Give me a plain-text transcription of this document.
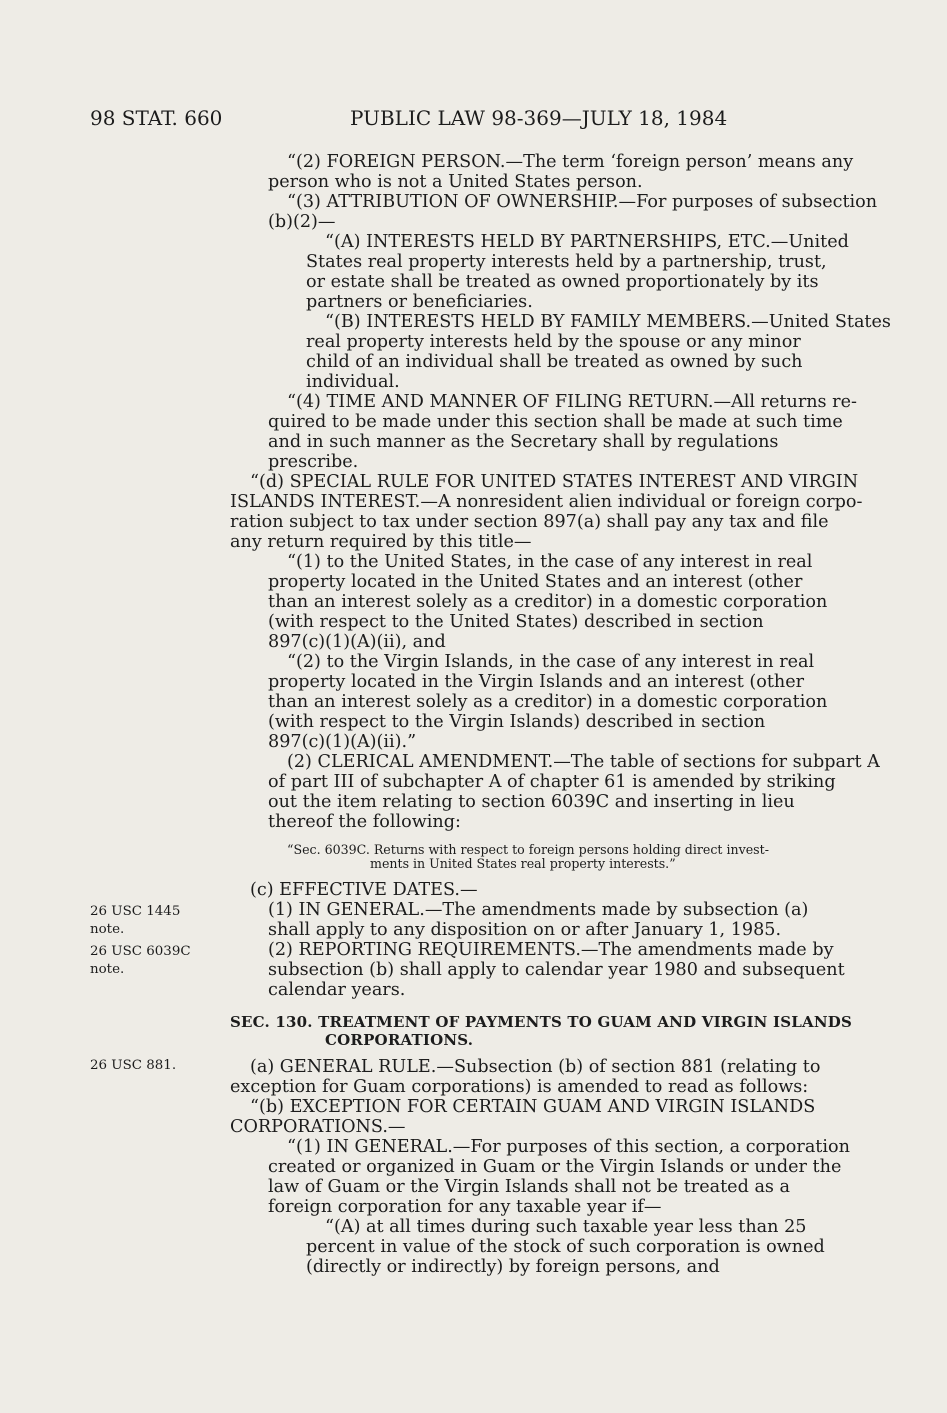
98 STAT. 660	PUBLIC LAW 98-369—JULY 18, 1984
26 USC 1445
note.
26 USC 6039C
note.
26 USC 881.
“(2) FOREIGN PERSON.—The term ‘foreign person’ means any
person who is not a United States person.
“(3) ATTRIBUTION OF OWNERSHIP.—For purposes of subsection
(b)(2)—
“(A) INTERESTS HELD BY PARTNERSHIPS, ETC.—United
States real property interests held by a partnership, trust,
or estate shall be treated as owned proportionately by its
partners or beneficiaries.
“(B) INTERESTS HELD BY FAMILY MEMBERS.—United States
real property interests held by the spouse or any minor
child of an individual shall be treated as owned by such
individual.
“(4) TIME AND MANNER OF FILING RETURN.—All returns re-
quired to be made under this section shall be made at such time
and in such manner as the Secretary shall by regulations
prescribe.
“(d) SPECIAL RULE FOR UNITED STATES INTEREST AND VIRGIN
ISLANDS INTEREST.—A nonresident alien individual or foreign corpo-
ration subject to tax under section 897(a) shall pay any tax and file
any return required by this title—
“(1) to the United States, in the case of any interest in real
property located in the United States and an interest (other
than an interest solely as a creditor) in a domestic corporation
(with respect to the United States) described in section
897(c)(1)(A)(ii), and
“(2) to the Virgin Islands, in the case of any interest in real
property located in the Virgin Islands and an interest (other
than an interest solely as a creditor) in a domestic corporation
(with respect to the Virgin Islands) described in section
897(c)(1)(A)(ii).”
(2) CLERICAL AMENDMENT.—The table of sections for subpart A
of part III of subchapter A of chapter 61 is amended by striking
out the item relating to section 6039C and inserting in lieu
thereof the following:
“Sec. 6039C. Returns with respect to foreign persons holding direct invest-
ments in United States real property interests.”
(c) EFFECTIVE DATES.—
(1) IN GENERAL.—The amendments made by subsection (a)
shall apply to any disposition on or after January 1, 1985.
(2) REPORTING REQUIREMENTS.—The amendments made by
subsection (b) shall apply to calendar year 1980 and subsequent
calendar years.
SEC. 130. TREATMENT OF PAYMENTS TO GUAM AND VIRGIN ISLANDS
CORPORATIONS.
(a) GENERAL RULE.—Subsection (b) of section 881 (relating to
exception for Guam corporations) is amended to read as follows:
“(b) EXCEPTION FOR CERTAIN GUAM AND VIRGIN ISLANDS
CORPORATIONS.—
“(1) IN GENERAL.—For purposes of this section, a corporation
created or organized in Guam or the Virgin Islands or under the
law of Guam or the Virgin Islands shall not be treated as a
foreign corporation for any taxable year if—
“(A) at all times during such taxable year less than 25
percent in value of the stock of such corporation is owned
(directly or indirectly) by foreign persons, and
